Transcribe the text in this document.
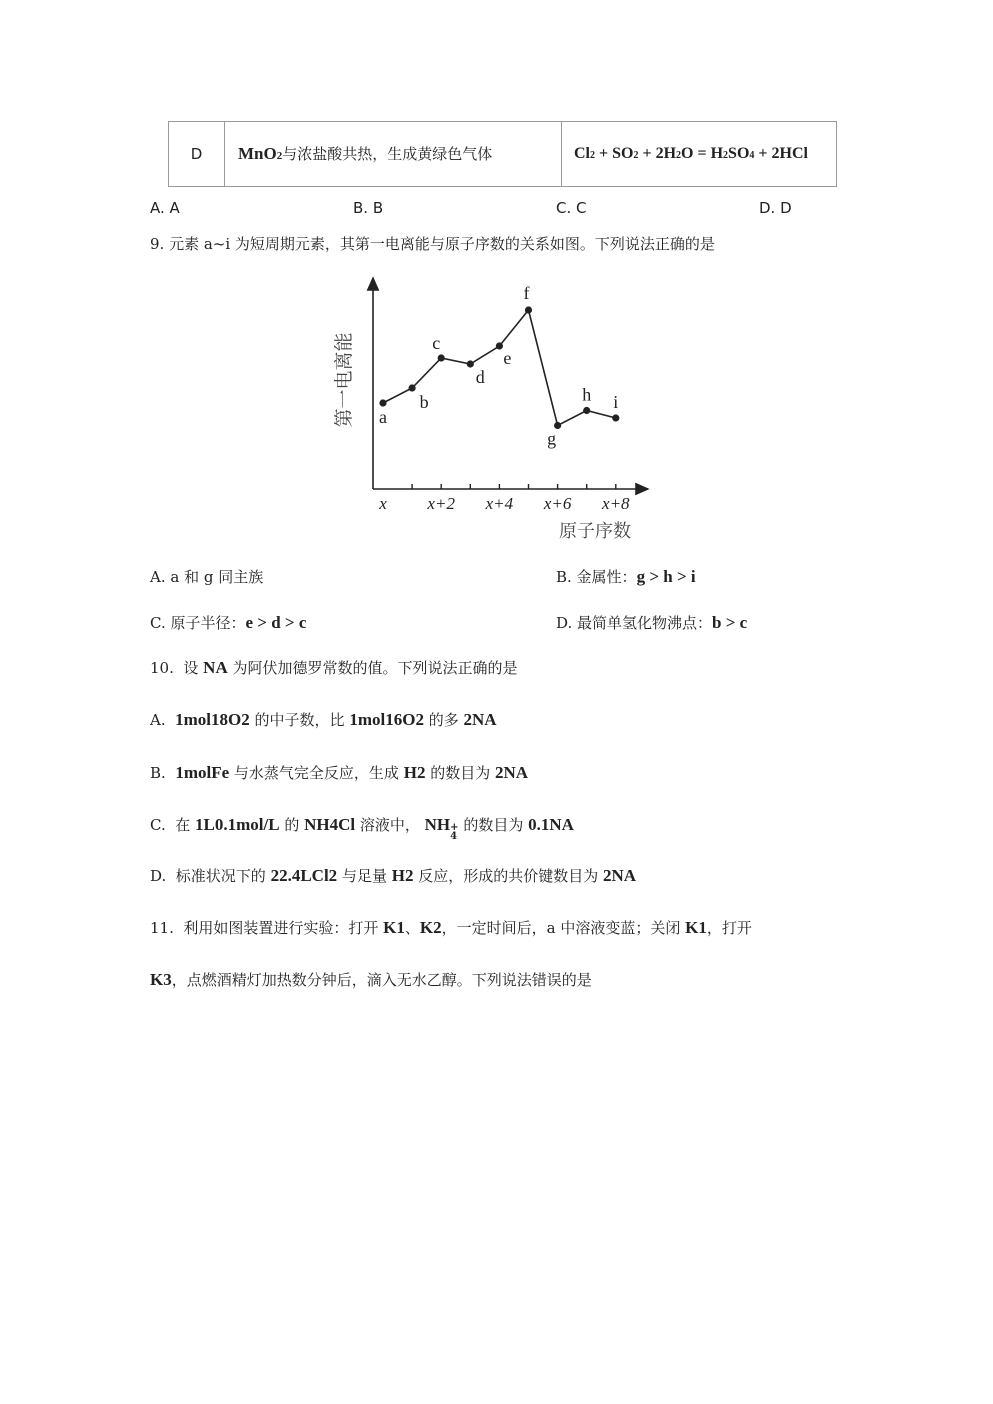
D	MnO 2 与浓盐酸共热，生成黄绿色气体	Cl 2 + SO 2 + 2H 2 O = H 2 SO 4 + 2HCl
A. A	B. B	C. C	D. D
9. 元素 a~i 为短周期元素，其第一电离能与原子序数的关系如图。下列说法正确的是
a
b
c
d
e
f
g
h i
x x+2 x+4 x+6 x+8
第一电离能
原子序数
A. a 和 g 同主族	B. 金属性： g > h > i
C. 原子半径： e > d > c	D. 最简单氢化物沸点： b > c
10.  设 N A 为阿伏加德罗常数的值。下列说法正确的是
A. 1mol 18 O 2 的中子数，比 1mol 16 O 2 的多 2N A
B. 1molFe 与水蒸气完全反应，生成 H 2 的数目为 2N A
C.  在 1L0.1mol/L 的 NH 4 Cl 溶液中， NH +
4
的数目为 0.1N A
D.  标准状况下的 22.4LCl 2 与足量 H 2 反应，形成的共价键数目为 2N A
11.  利用如图装置进行实验：打开 K 1 、 K 2 ，一定时间后，a 中溶液变蓝；关闭 K 1 ，打开
K 3 ，点燃酒精灯加热数分钟后，滴入无水乙醇。下列说法错误的是
